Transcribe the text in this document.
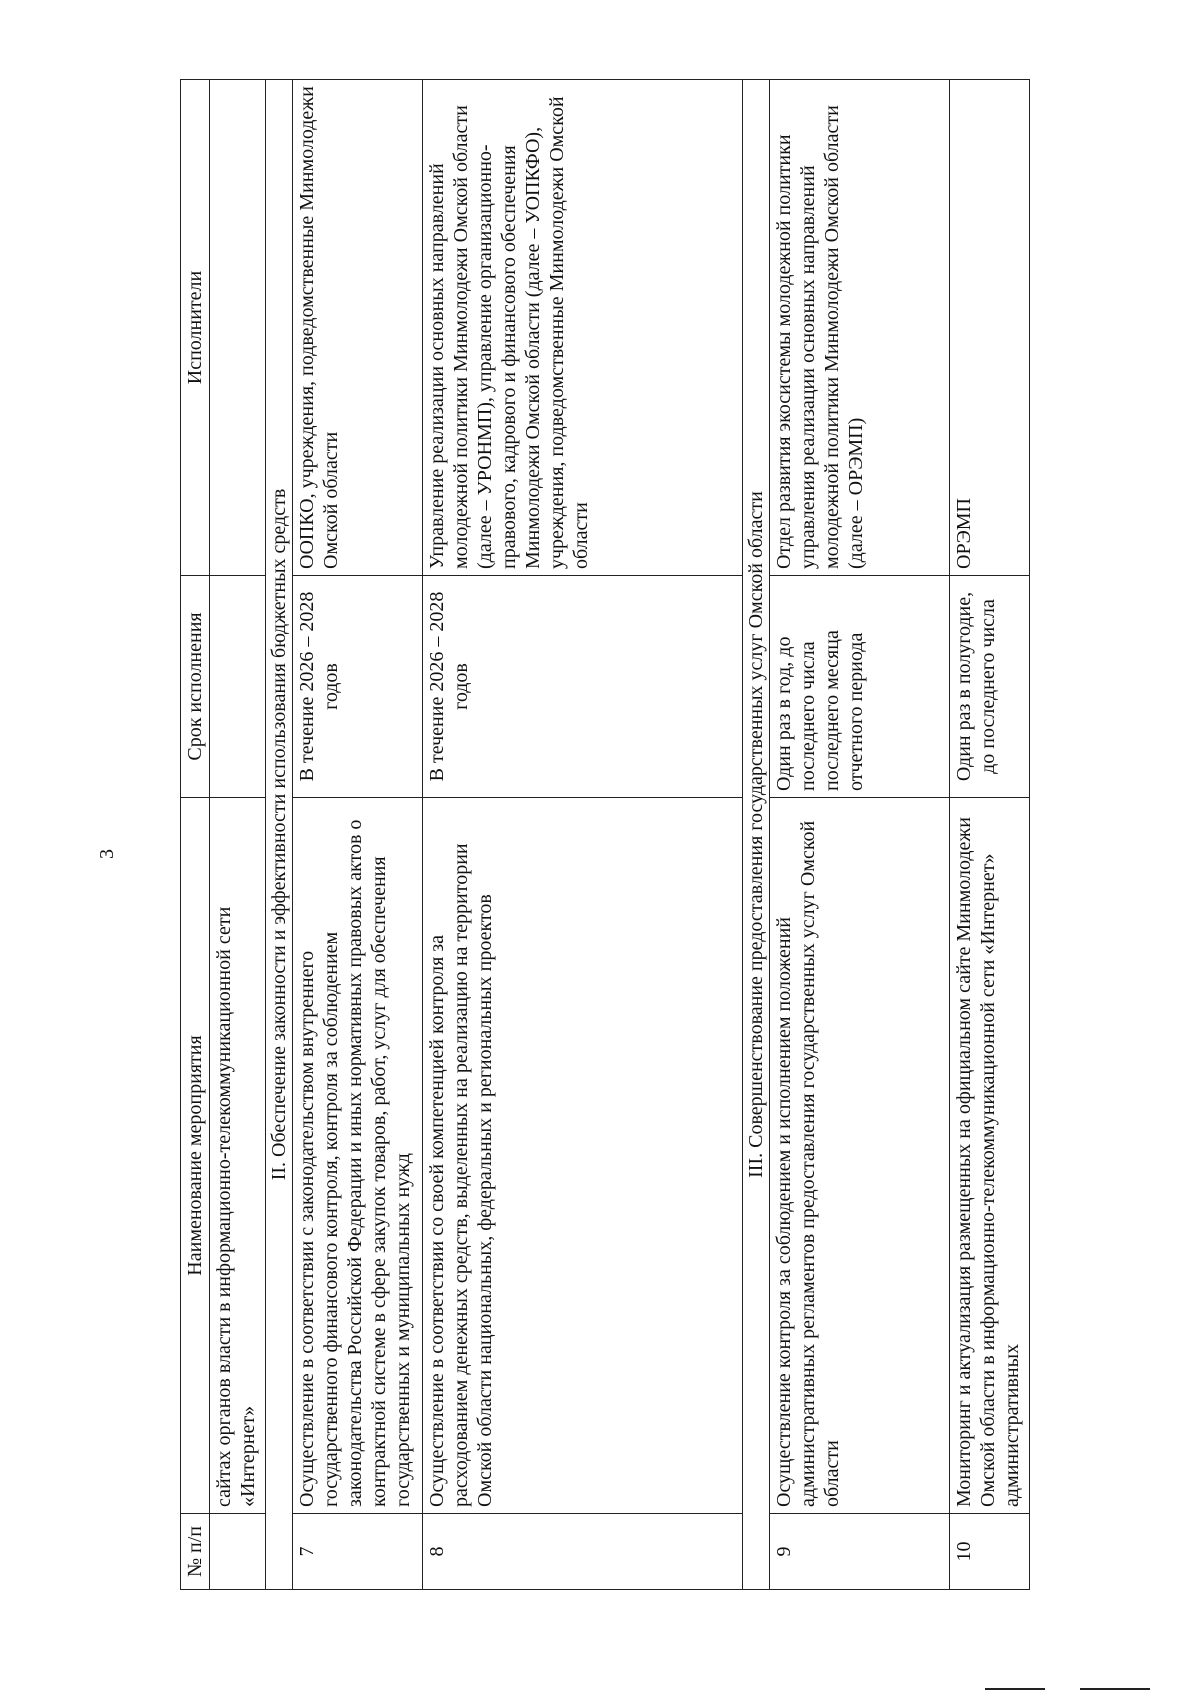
3
№ п/п	Наименование мероприятия	Срок исполнения	Исполнители
	сайтах органов власти в информационно-телекоммуникационной сети «Интернет»		
II. Обеспечение законности и эффективности использования бюджетных средств			
7	Осуществление в соответствии с законодательством внутреннего государственного финансового контроля, контроля за соблюдением законодательства Российской Федерации и иных нормативных правовых актов о контрактной системе в сфере закупок товаров, работ, услуг для обеспечения государственных и муниципальных нужд	В течение 2026 – 2028 годов	ООПКО, учреждения, подведомственные Минмолодежи Омской области
8	Осуществление в соответствии со своей компетенцией контроля за расходованием денежных средств, выделенных на реализацию на территории Омской области национальных, федеральных и региональных проектов	В течение 2026 – 2028 годов	Управление реализации основных направлений молодежной политики Минмолодежи Омской области (далее – УРОНМП), управление организационно-правового, кадрового и финансового обеспечения Минмолодежи Омской области (далее – УОПКФО), учреждения, подведомственные Минмолодежи Омской области
III. Совершенствование предоставления государственных услуг Омской области			
9	Осуществление контроля за соблюдением и исполнением положений административных регламентов предоставления государственных услуг Омской области	Один раз в год, до последнего числа последнего месяца отчетного периода	Отдел развития экосистемы молодежной политики управления реализации основных направлений молодежной политики Минмолодежи Омской области (далее – ОРЭМП)
10	Мониторинг и актуализация размещенных на официальном сайте Минмолодежи Омской области в информационно-телекоммуникационной сети «Интернет» административных	Один раз в полугодие, до последнего числа	ОРЭМП
